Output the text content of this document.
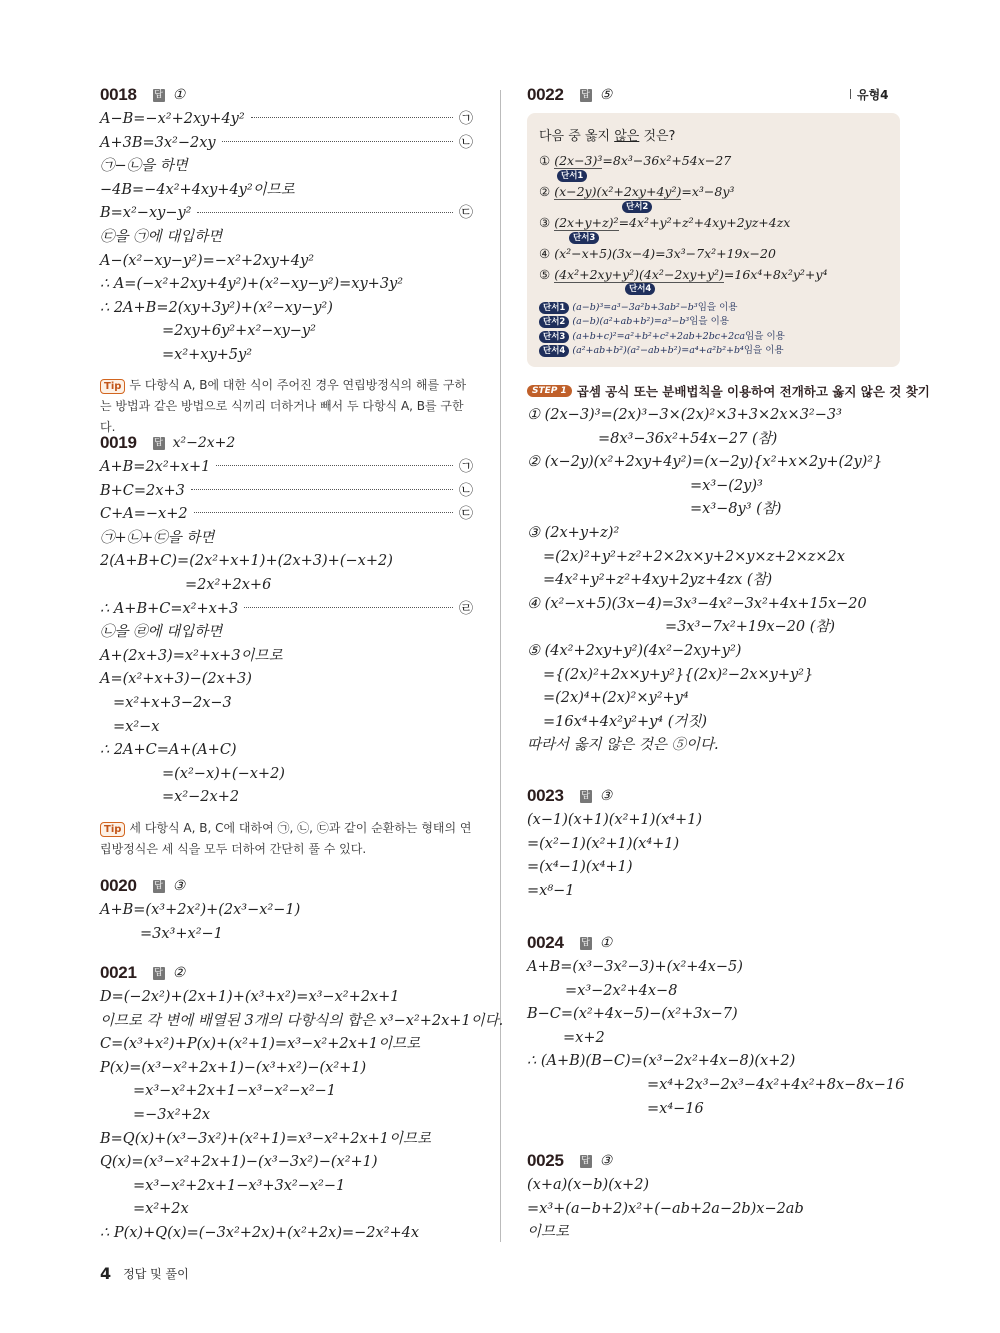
유형4
0018 답 ①
A−B=−x²+2xy+4y²	㉠
A+3B=3x²−2xy	㉡
㉠−㉡을 하면
−4B=−4x²+4xy+4y²이므로
B=x²−xy−y²	㉢
㉢을 ㉠에 대입하면
A−(x²−xy−y²)=−x²+2xy+4y²
∴ A=(−x²+2xy+4y²)+(x²−xy−y²)=xy+3y²
∴ 2A+B=2(xy+3y²)+(x²−xy−y²)
=2xy+6y²+x²−xy−y²
=x²+xy+5y²
Tip 두 다항식 A, B에 대한 식이 주어진 경우 연립방정식의 해를 구하는 방법과 같은 방법으로 식끼리 더하거나 빼서 두 다항식 A, B를 구한다.
0019 답 x²−2x+2
A+B=2x²+x+1	㉠
B+C=2x+3	㉡
C+A=−x+2	㉢
㉠+㉡+㉢을 하면
2(A+B+C)=(2x²+x+1)+(2x+3)+(−x+2)
=2x²+2x+6
∴ A+B+C=x²+x+3	㉣
㉡을 ㉣에 대입하면
A+(2x+3)=x²+x+3이므로
A=(x²+x+3)−(2x+3)
=x²+x+3−2x−3
=x²−x
∴ 2A+C=A+(A+C)
=(x²−x)+(−x+2)
=x²−2x+2
Tip 세 다항식 A, B, C에 대하여 ㉠, ㉡, ㉢과 같이 순환하는 형태의 연립방정식은 세 식을 모두 더하여 간단히 풀 수 있다.
0020 답 ③
A+B=(x³+2x²)+(2x³−x²−1)
=3x³+x²−1
0021 답 ②
D=(−2x²)+(2x+1)+(x³+x²)=x³−x²+2x+1
이므로 각 변에 배열된 3개의 다항식의 합은 x³−x²+2x+1이다.
C=(x³+x²)+P(x)+(x²+1)=x³−x²+2x+1이므로
P(x)=(x³−x²+2x+1)−(x³+x²)−(x²+1)
=x³−x²+2x+1−x³−x²−x²−1
=−3x²+2x
B=Q(x)+(x³−3x²)+(x²+1)=x³−x²+2x+1이므로
Q(x)=(x³−x²+2x+1)−(x³−3x²)−(x²+1)
=x³−x²+2x+1−x³+3x²−x²−1
=x²+2x
∴ P(x)+Q(x)=(−3x²+2x)+(x²+2x)=−2x²+4x
0022 답 ⑤
다음 중 옳지 않은 것은?
① (2x−3)³=8x³−36x²+54x−27
단서1
② (x−2y)(x²+2xy+4y²)=x³−8y³
단서2
③ (2x+y+z)²=4x²+y²+z²+4xy+2yz+4zx
단서3
④ (x²−x+5)(3x−4)=3x³−7x²+19x−20
⑤ (4x²+2xy+y²)(4x²−2xy+y²)=16x⁴+8x²y²+y⁴
단서4
단서1 (a−b)³=a³−3a²b+3ab²−b³임을 이용
단서2 (a−b)(a²+ab+b²)=a³−b³임을 이용
단서3 (a+b+c)²=a²+b²+c²+2ab+2bc+2ca임을 이용
단서4 (a²+ab+b²)(a²−ab+b²)=a⁴+a²b²+b⁴임을 이용
STEP 1 곱셈 공식 또는 분배법칙을 이용하여 전개하고 옳지 않은 것 찾기
① (2x−3)³=(2x)³−3×(2x)²×3+3×2x×3²−3³
=8x³−36x²+54x−27 (참)
② (x−2y)(x²+2xy+4y²)=(x−2y){x²+x×2y+(2y)²}
=x³−(2y)³
=x³−8y³ (참)
③ (2x+y+z)²
=(2x)²+y²+z²+2×2x×y+2×y×z+2×z×2x
=4x²+y²+z²+4xy+2yz+4zx (참)
④ (x²−x+5)(3x−4)=3x³−4x²−3x²+4x+15x−20
=3x³−7x²+19x−20 (참)
⑤ (4x²+2xy+y²)(4x²−2xy+y²)
={(2x)²+2x×y+y²}{(2x)²−2x×y+y²}
=(2x)⁴+(2x)²×y²+y⁴
=16x⁴+4x²y²+y⁴ (거짓)
따라서 옳지 않은 것은 ⑤이다.
0023 답 ③
(x−1)(x+1)(x²+1)(x⁴+1)
=(x²−1)(x²+1)(x⁴+1)
=(x⁴−1)(x⁴+1)
=x⁸−1
0024 답 ①
A+B=(x³−3x²−3)+(x²+4x−5)
=x³−2x²+4x−8
B−C=(x²+4x−5)−(x²+3x−7)
=x+2
∴ (A+B)(B−C)=(x³−2x²+4x−8)(x+2)
=x⁴+2x³−2x³−4x²+4x²+8x−8x−16
=x⁴−16
0025 답 ③
(x+a)(x−b)(x+2)
=x³+(a−b+2)x²+(−ab+2a−2b)x−2ab
이므로
4 정답 및 풀이
